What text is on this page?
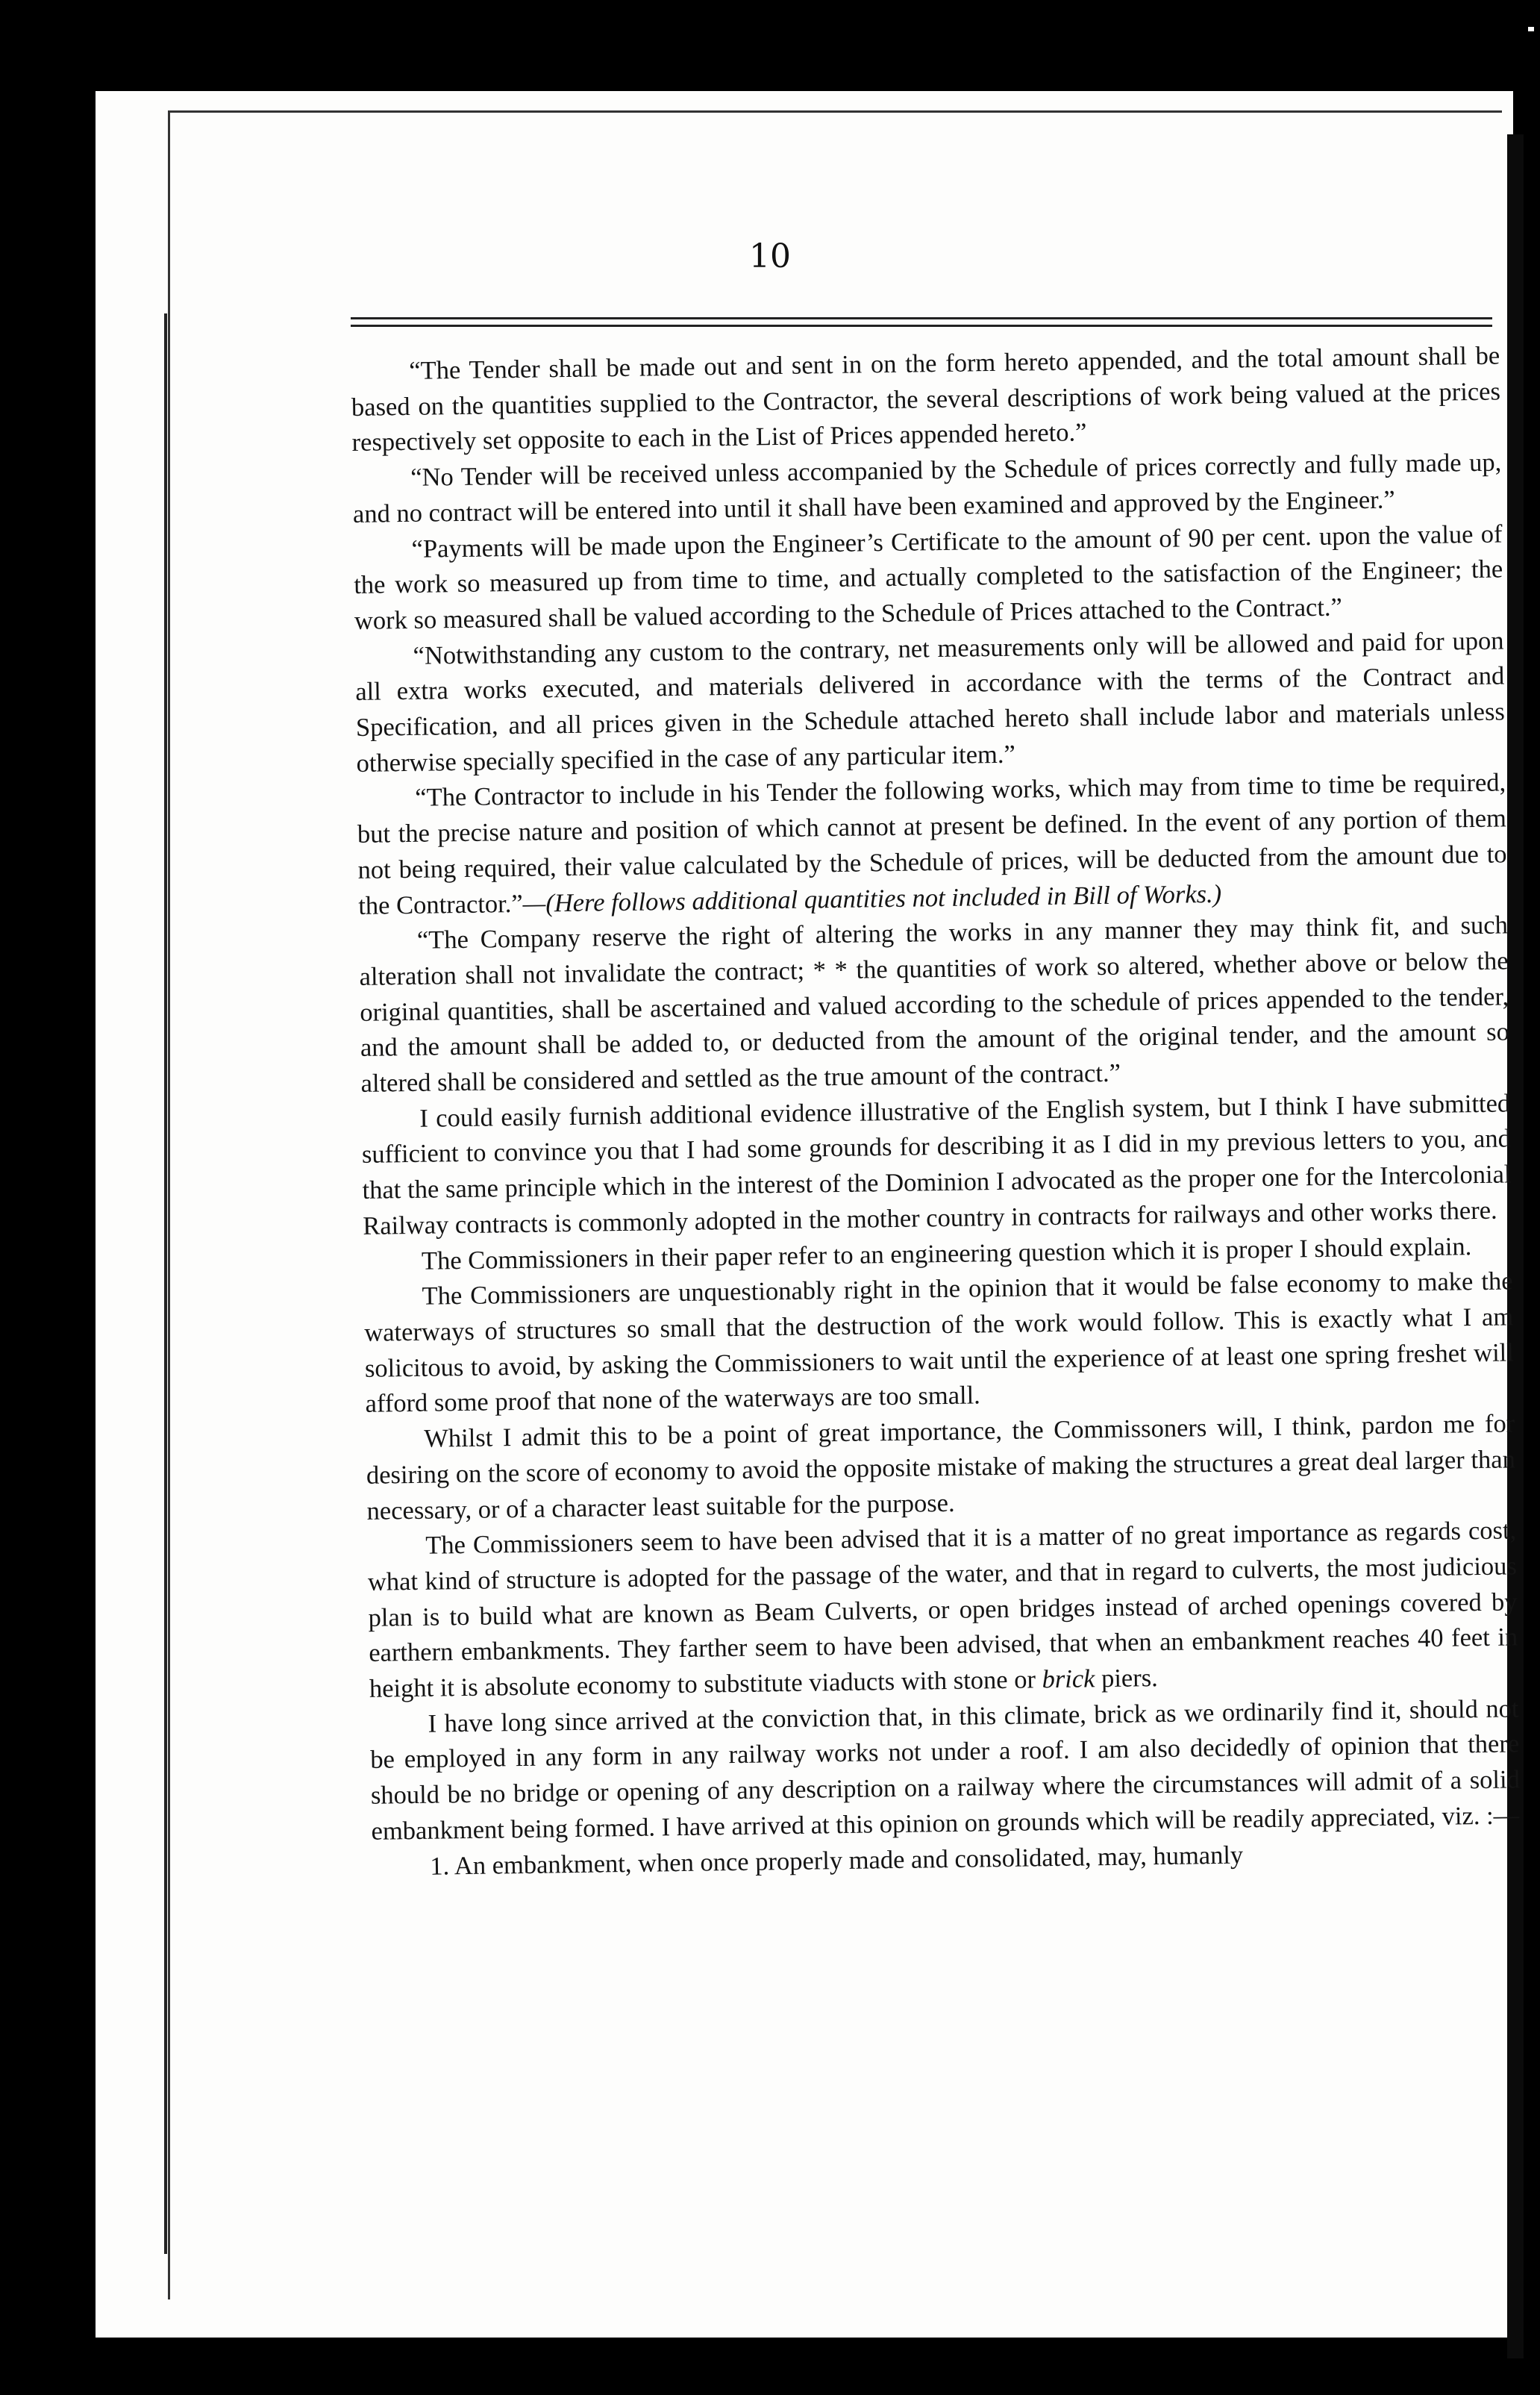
10

“The Tender shall be made out and sent in on the form hereto appended, and the total amount shall be based on the quantities supplied to the Contractor, the several descriptions of work being valued at the prices respectively set opposite to each in the List of Prices appended hereto.”

“No Tender will be received unless accompanied by the Schedule of prices correctly and fully made up, and no contract will be entered into until it shall have been examined and approved by the Engineer.”

“Payments will be made upon the Engineer’s Certificate to the amount of 90 per cent. upon the value of the work so measured up from time to time, and actually completed to the satisfaction of the Engineer; the work so measured shall be valued according to the Schedule of Prices attached to the Contract.”

“Notwithstanding any custom to the contrary, net measurements only will be allowed and paid for upon all extra works executed, and materials delivered in accordance with the terms of the Contract and Specification, and all prices given in the Schedule attached hereto shall include labor and materials unless otherwise specially specified in the case of any particular item.”

“The Contractor to include in his Tender the following works, which may from time to time be required, but the precise nature and position of which cannot at present be defined. In the event of any portion of them not being required, their value calculated by the Schedule of prices, will be deducted from the amount due to the Contractor.”—(Here follows additional quantities not included in Bill of Works.)

“The Company reserve the right of altering the works in any manner they may think fit, and such alteration shall not invalidate the contract; * * the quantities of work so altered, whether above or below the original quantities, shall be ascertained and valued according to the schedule of prices appended to the tender, and the amount shall be added to, or deducted from the amount of the original tender, and the amount so altered shall be considered and settled as the true amount of the contract.”

I could easily furnish additional evidence illustrative of the English system, but I think I have submitted sufficient to convince you that I had some grounds for describing it as I did in my previous letters to you, and that the same principle which in the interest of the Dominion I advocated as the proper one for the Intercolonial Railway contracts is commonly adopted in the mother country in contracts for railways and other works there.

The Commissioners in their paper refer to an engineering question which it is proper I should explain.

The Commissioners are unquestionably right in the opinion that it would be false economy to make the waterways of structures so small that the destruction of the work would follow. This is exactly what I am solicitous to avoid, by asking the Commissioners to wait until the experience of at least one spring freshet will afford some proof that none of the waterways are too small.

Whilst I admit this to be a point of great importance, the Commissoners will, I think, pardon me for desiring on the score of economy to avoid the opposite mistake of making the structures a great deal larger than necessary, or of a character least suitable for the purpose.

The Commissioners seem to have been advised that it is a matter of no great importance as regards cost, what kind of structure is adopted for the passage of the water, and that in regard to culverts, the most judicious plan is to build what are known as Beam Culverts, or open bridges instead of arched openings covered by earthern embankments. They farther seem to have been advised, that when an embankment reaches 40 feet in height it is absolute economy to substitute viaducts with stone or brick piers.

I have long since arrived at the conviction that, in this climate, brick as we ordinarily find it, should not be employed in any form in any railway works not under a roof. I am also decidedly of opinion that there should be no bridge or opening of any description on a railway where the circumstances will admit of a solid embankment being formed. I have arrived at this opinion on grounds which will be readily appreciated, viz. :—

1. An embankment, when once properly made and consolidated, may, humanly
